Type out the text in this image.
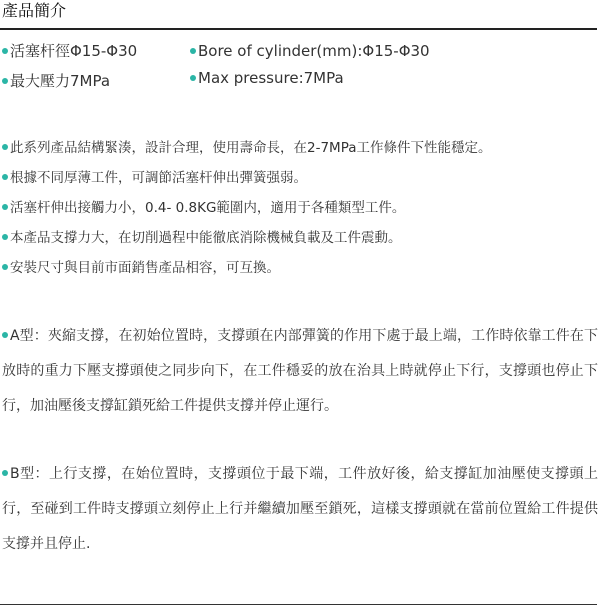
產品簡介
活塞杆徑Φ15-Φ30
最大壓力7MPa
Bore of cylinder(mm):Φ15-Φ30
Max pressure:7MPa
此系列產品結構緊湊，設計合理，使用壽命長，在2-7MPa工作條件下性能穩定。
根據不同厚薄工件，可調節活塞杆伸出彈簧强弱。
活塞杆伸出接觸力小，0.4- 0.8KG範圍内，適用于各種類型工件。
本產品支撐力大，在切削過程中能徹底消除機械負載及工件震動。
安裝尺寸與目前市面銷售產品相容，可互換。

A型：夾縮支撐，在初始位置時，支撐頭在内部彈簧的作用下處于最上端，工作時依靠工件在下放時的重力下壓支撐頭使之同步向下，在工件穩妥的放在治具上時就停止下行，支撐頭也停止下行，加油壓後支撐缸鎖死給工件提供支撐并停止運行。

B型：上行支撐，在始位置時，支撐頭位于最下端，工件放好後，給支撐缸加油壓使支撐頭上行，至碰到工件時支撐頭立刻停止上行并繼續加壓至鎖死，這樣支撐頭就在當前位置給工件提供支撐并且停止.
